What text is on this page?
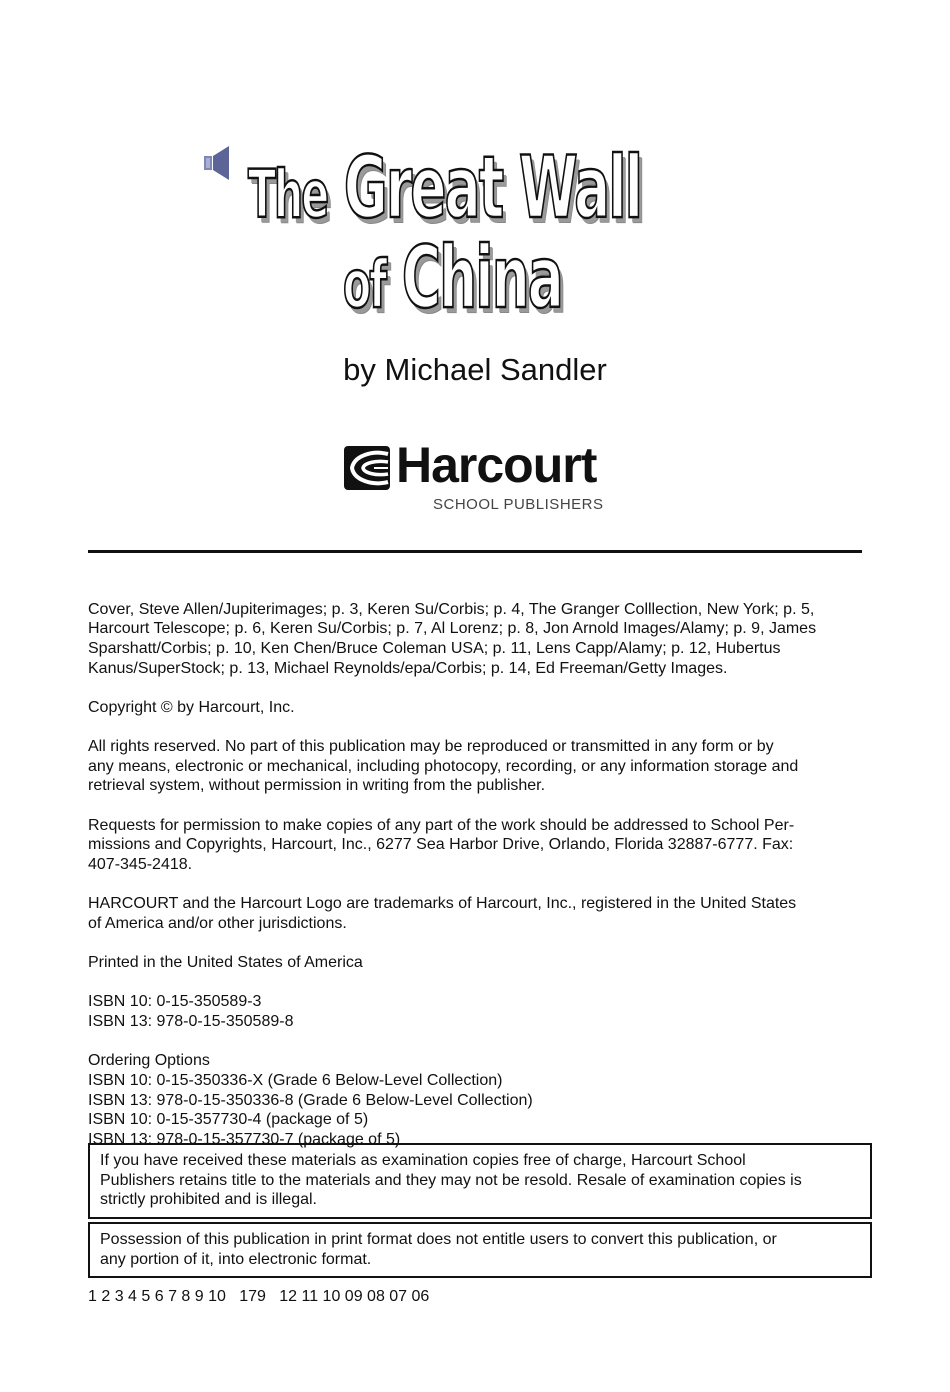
The Great Wall
of China
by Michael Sandler
Harcourt
SCHOOL PUBLISHERS

Cover, Steve Allen/Jupiterimages; p. 3, Keren Su/Corbis; p. 4, The Granger Colllection, New York; p. 5,
Harcourt Telescope; p. 6, Keren Su/Corbis; p. 7, Al Lorenz; p. 8, Jon Arnold Images/Alamy; p. 9, James
Sparshatt/Corbis; p. 10, Ken Chen/Bruce Coleman USA; p. 11, Lens Capp/Alamy; p. 12, Hubertus
Kanus/SuperStock; p. 13, Michael Reynolds/epa/Corbis; p. 14, Ed Freeman/Getty Images.

Copyright © by Harcourt, Inc.

All rights reserved. No part of this publication may be reproduced or transmitted in any form or by
any means, electronic or mechanical, including photocopy, recording, or any information storage and
retrieval system, without permission in writing from the publisher.

Requests for permission to make copies of any part of the work should be addressed to School Per-
missions and Copyrights, Harcourt, Inc., 6277 Sea Harbor Drive, Orlando, Florida 32887-6777. Fax:
407-345-2418.

HARCOURT and the Harcourt Logo are trademarks of Harcourt, Inc., registered in the United States
of America and/or other jurisdictions.

Printed in the United States of America

ISBN 10: 0-15-350589-3
ISBN 13: 978-0-15-350589-8

Ordering Options
ISBN 10: 0-15-350336-X (Grade 6 Below-Level Collection)
ISBN 13: 978-0-15-350336-8 (Grade 6 Below-Level Collection)
ISBN 10: 0-15-357730-4 (package of 5)
ISBN 13: 978-0-15-357730-7 (package of 5)

If you have received these materials as examination copies free of charge, Harcourt School
Publishers retains title to the materials and they may not be resold. Resale of examination copies is
strictly prohibited and is illegal.
Possession of this publication in print format does not entitle users to convert this publication, or
any portion of it, into electronic format.
1 2 3 4 5 6 7 8 9 10   179   12 11 10 09 08 07 06
